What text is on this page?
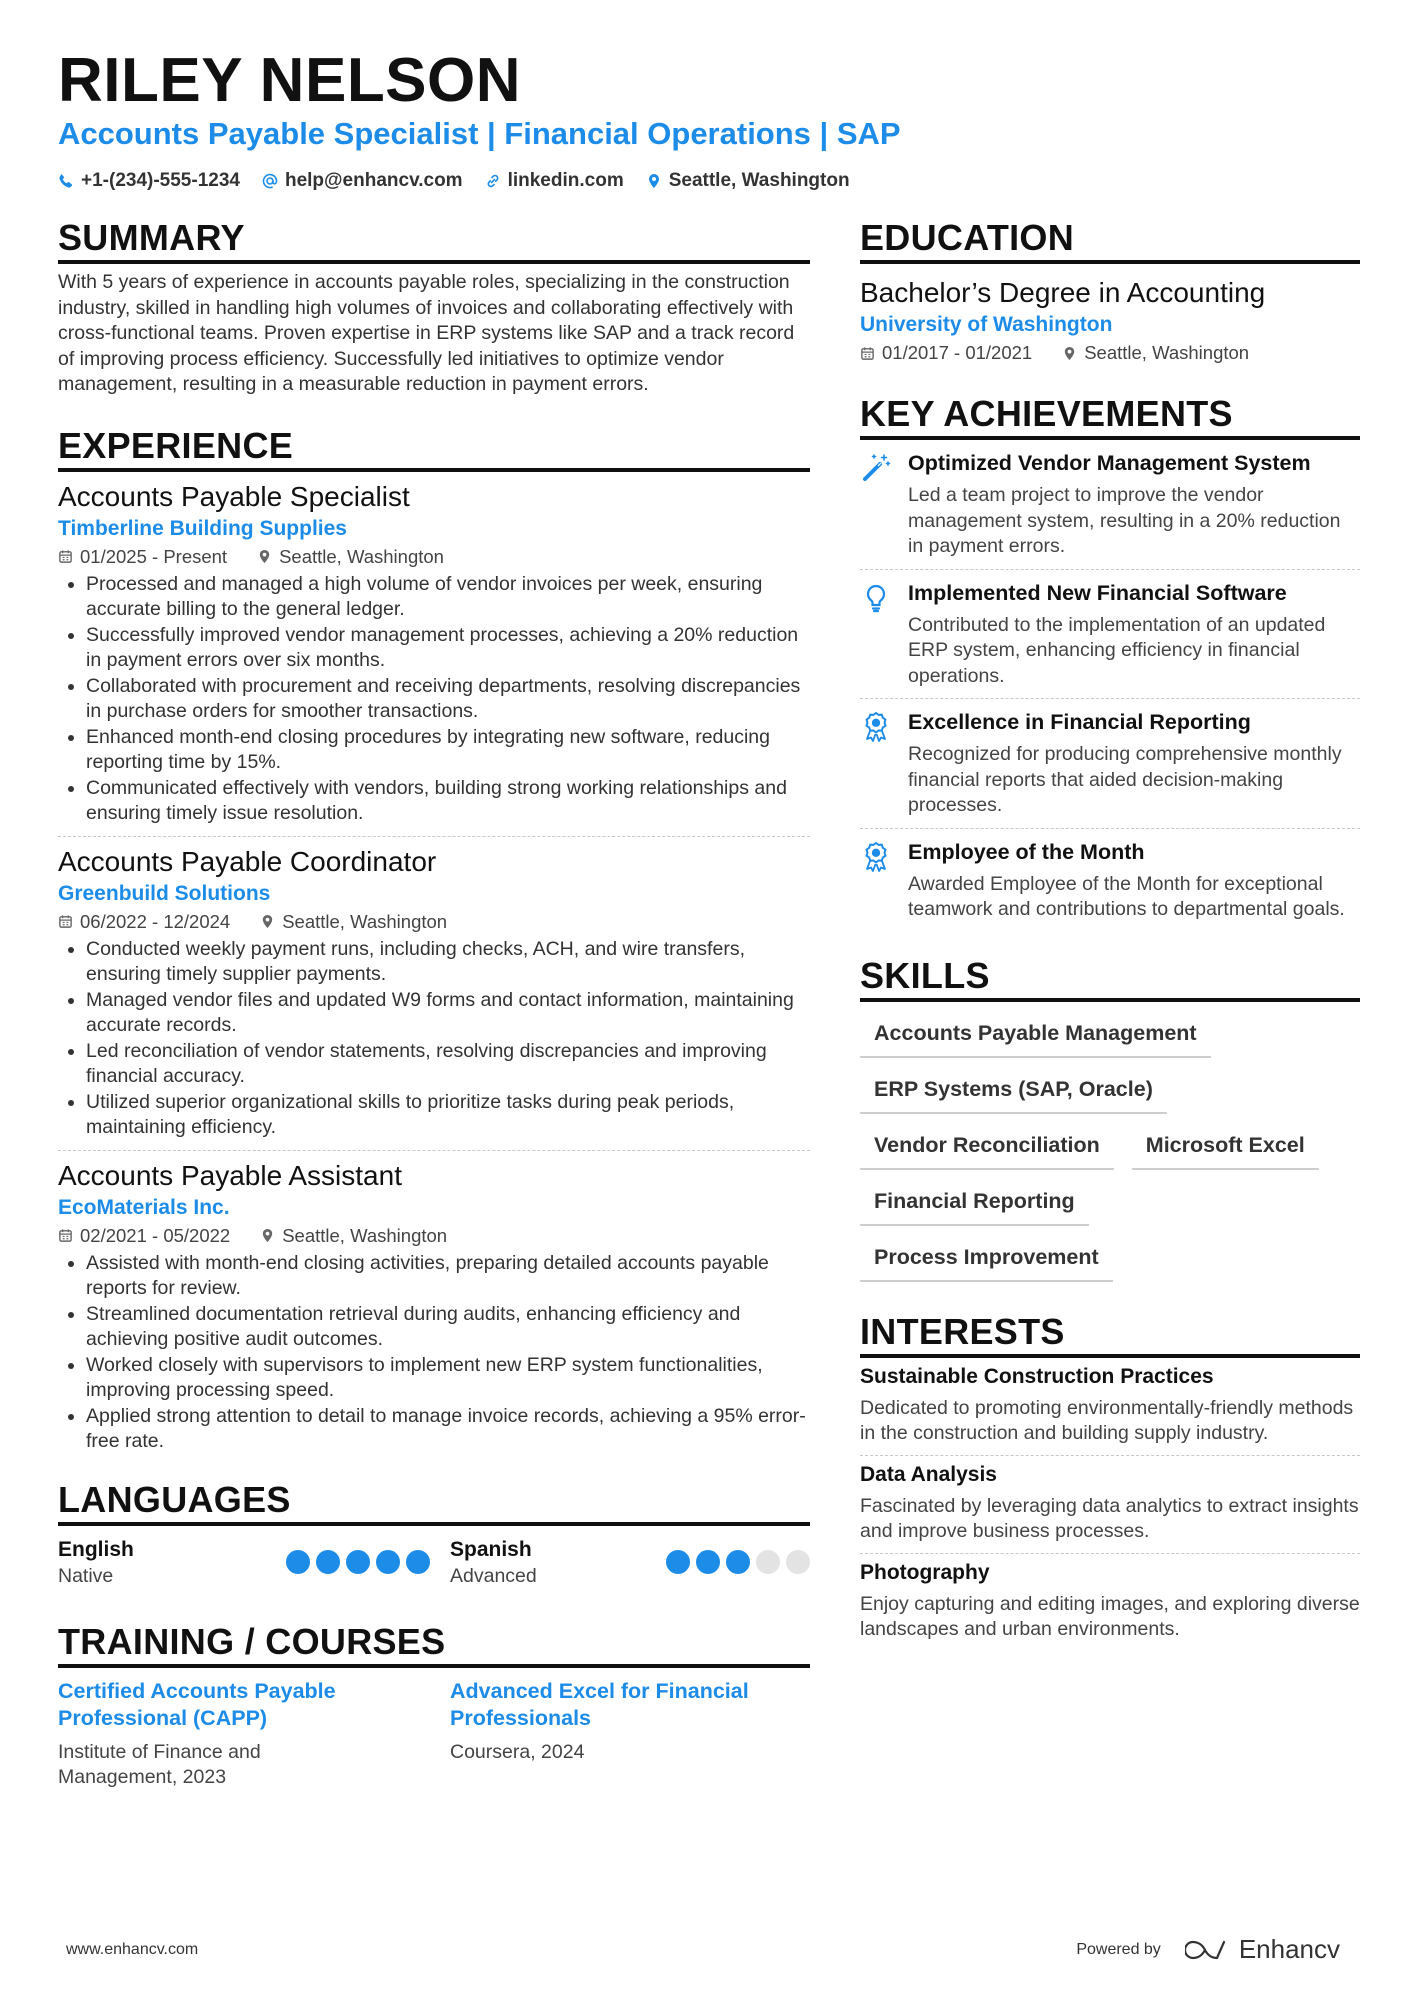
RILEY NELSON
Accounts Payable Specialist | Financial Operations | SAP
+1-(234)-555-1234 help@enhancv.com linkedin.com Seattle, Washington
SUMMARY

With 5 years of experience in accounts payable roles, specializing in the construction industry, skilled in handling high volumes of invoices and collaborating effectively with cross-functional teams. Proven expertise in ERP systems like SAP and a track record of improving process efficiency. Successfully led initiatives to optimize vendor management, resulting in a measurable reduction in payment errors.

EXPERIENCE
Accounts Payable Specialist
Timberline Building Supplies
01/2025 - Present	Seattle, Washington
• Processed and managed a high volume of vendor invoices per week, ensuring accurate billing to the general ledger.
• Successfully improved vendor management processes, achieving a 20% reduction in payment errors over six months.
• Collaborated with procurement and receiving departments, resolving discrepancies in purchase orders for smoother transactions.
• Enhanced month-end closing procedures by integrating new software, reducing reporting time by 15%.
• Communicated effectively with vendors, building strong working relationships and ensuring timely issue resolution.
Accounts Payable Coordinator
Greenbuild Solutions
06/2022 - 12/2024	Seattle, Washington
• Conducted weekly payment runs, including checks, ACH, and wire transfers, ensuring timely supplier payments.
• Managed vendor files and updated W9 forms and contact information, maintaining accurate records.
• Led reconciliation of vendor statements, resolving discrepancies and improving financial accuracy.
• Utilized superior organizational skills to prioritize tasks during peak periods, maintaining efficiency.
Accounts Payable Assistant
EcoMaterials Inc.
02/2021 - 05/2022	Seattle, Washington
• Assisted with month-end closing activities, preparing detailed accounts payable reports for review.
• Streamlined documentation retrieval during audits, enhancing efficiency and achieving positive audit outcomes.
• Worked closely with supervisors to implement new ERP system functionalities, improving processing speed.
• Applied strong attention to detail to manage invoice records, achieving a 95% error-free rate.
LANGUAGES
English
Native
Spanish
Advanced
TRAINING / COURSES
Certified Accounts Payable Professional (CAPP)
Institute of Finance and Management, 2023
Advanced Excel for Financial Professionals
Coursera, 2024
EDUCATION
Bachelor’s Degree in Accounting
University of Washington
01/2017 - 01/2021	Seattle, Washington
KEY ACHIEVEMENTS
Optimized Vendor Management System
Led a team project to improve the vendor management system, resulting in a 20% reduction in payment errors.
Implemented New Financial Software
Contributed to the implementation of an updated ERP system, enhancing efficiency in financial operations.
Excellence in Financial Reporting
Recognized for producing comprehensive monthly financial reports that aided decision-making processes.
Employee of the Month
Awarded Employee of the Month for exceptional teamwork and contributions to departmental goals.
SKILLS
Accounts Payable Management
ERP Systems (SAP, Oracle)
Vendor Reconciliation	Microsoft Excel
Financial Reporting
Process Improvement
INTERESTS
Sustainable Construction Practices
Dedicated to promoting environmentally-friendly methods in the construction and building supply industry.
Data Analysis
Fascinated by leveraging data analytics to extract insights and improve business processes.
Photography
Enjoy capturing and editing images, and exploring diverse landscapes and urban environments.
www.enhancv.com	Powered by	Enhancv
